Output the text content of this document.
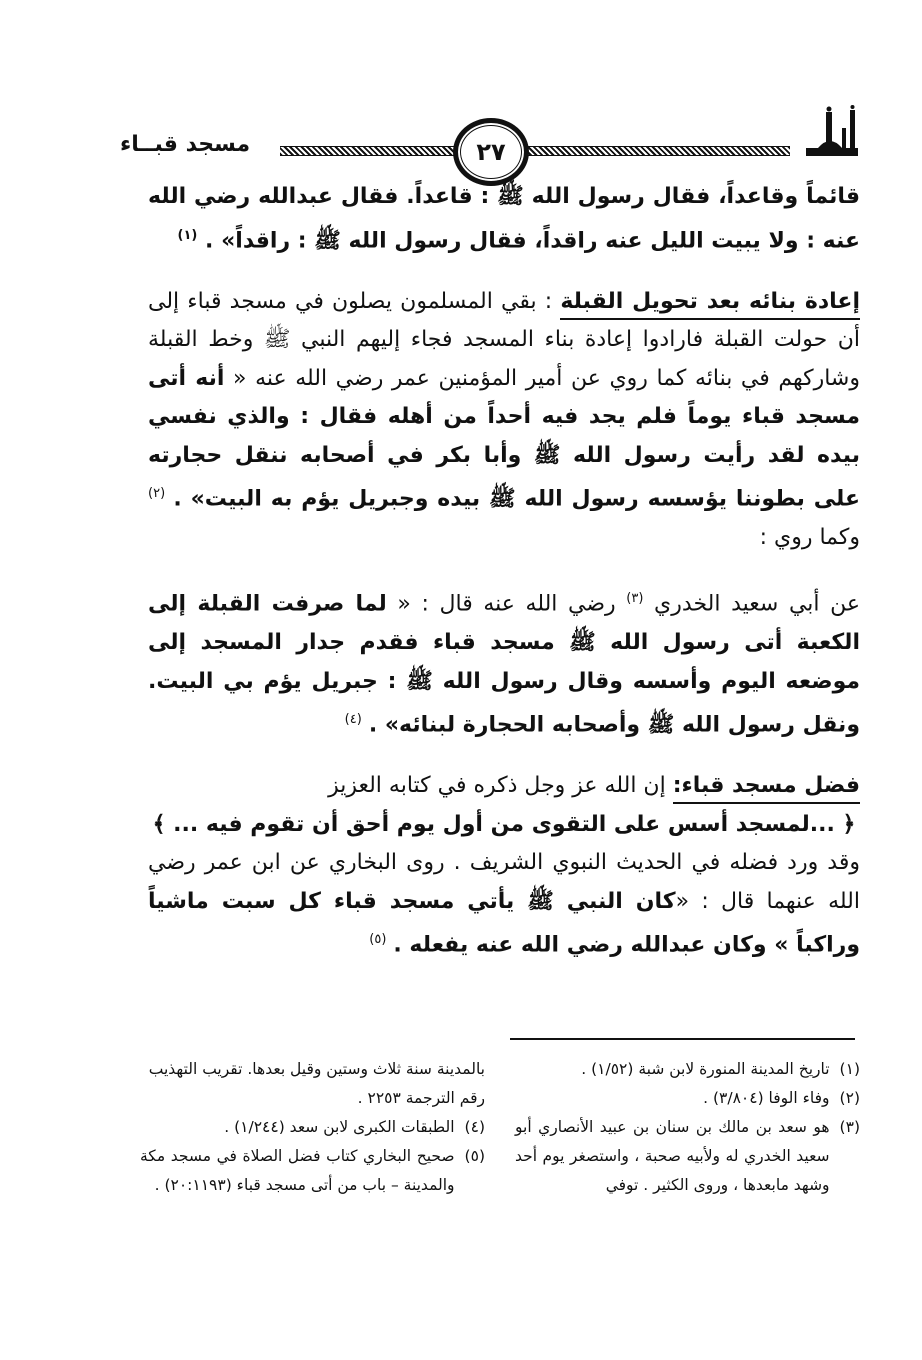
٢٧
مسجد قبــاء

قائماً وقاعداً، فقال رسول الله ﷺ : قاعداً. فقال عبدالله رضي الله عنه : ولا يبيت الليل عنه راقداً، فقال رسول الله ﷺ : راقداً» . $^{(١)}$

إعادة بنائه بعد تحويل القبلة : بقي المسلمون يصلون في مسجد قباء إلى أن حولت القبلة فارادوا إعادة بناء المسجد فجاء إليهم النبي ﷺ وخط القبلة وشاركهم في بنائه كما روي عن أمير المؤمنين عمر رضي الله عنه « أنه أتى مسجد قباء يوماً فلم يجد فيه أحداً من أهله فقال : والذي نفسي بيده لقد رأيت رسول الله ﷺ وأبا بكر في أصحابه ننقل حجارته على بطوننا يؤسسه رسول الله ﷺ بيده وجبريل يؤم به البيت» . $^{(٢)}$ وكما روي :

عن أبي سعيد الخدري $^{(٣)}$ رضي الله عنه قال : « لما صرفت القبلة إلى الكعبة أتى رسول الله ﷺ مسجد قباء فقدم جدار المسجد إلى موضعه اليوم وأسسه وقال رسول الله ﷺ : جبريل يؤم بي البيت. ونقل رسول الله ﷺ وأصحابه الحجارة لبنائه» . $^{(٤)}$

فضل مسجد قباء: إن الله عز وجل ذكره في كتابه العزيز
﴿ ...لمسجد أسس على التقوى من أول يوم أحق أن تقوم فيه ... ﴾
وقد ورد فضله في الحديث النبوي الشريف . روى البخاري عن ابن عمر رضي الله عنهما قال : «كان النبي ﷺ يأتي مسجد قباء كل سبت ماشياً وراكباً » وكان عبدالله رضي الله عنه يفعله . $^{(٥)}$
(١)
تاريخ المدينة المنورة لابن شبة (١/٥٢) .
(٢)
وفاء الوفا (٣/٨٠٤) .
(٣)
هو سعد بن مالك بن سنان بن عبيد الأنصاري أبو سعيد الخدري له ولأبيه صحبة ، واستصغر يوم أحد وشهد مابعدها ، وروى الكثير . توفي
بالمدينة سنة ثلاث وستين وقيل بعدها. تقريب التهذيب رقم الترجمة ٢٢٥٣ .
(٤)
الطبقات الكبرى لابن سعد (١/٢٤٤) .
(٥)
صحيح البخاري كتاب فضل الصلاة في مسجد مكة والمدينة – باب من أتى مسجد قباء (٢٠:١١٩٣) .
